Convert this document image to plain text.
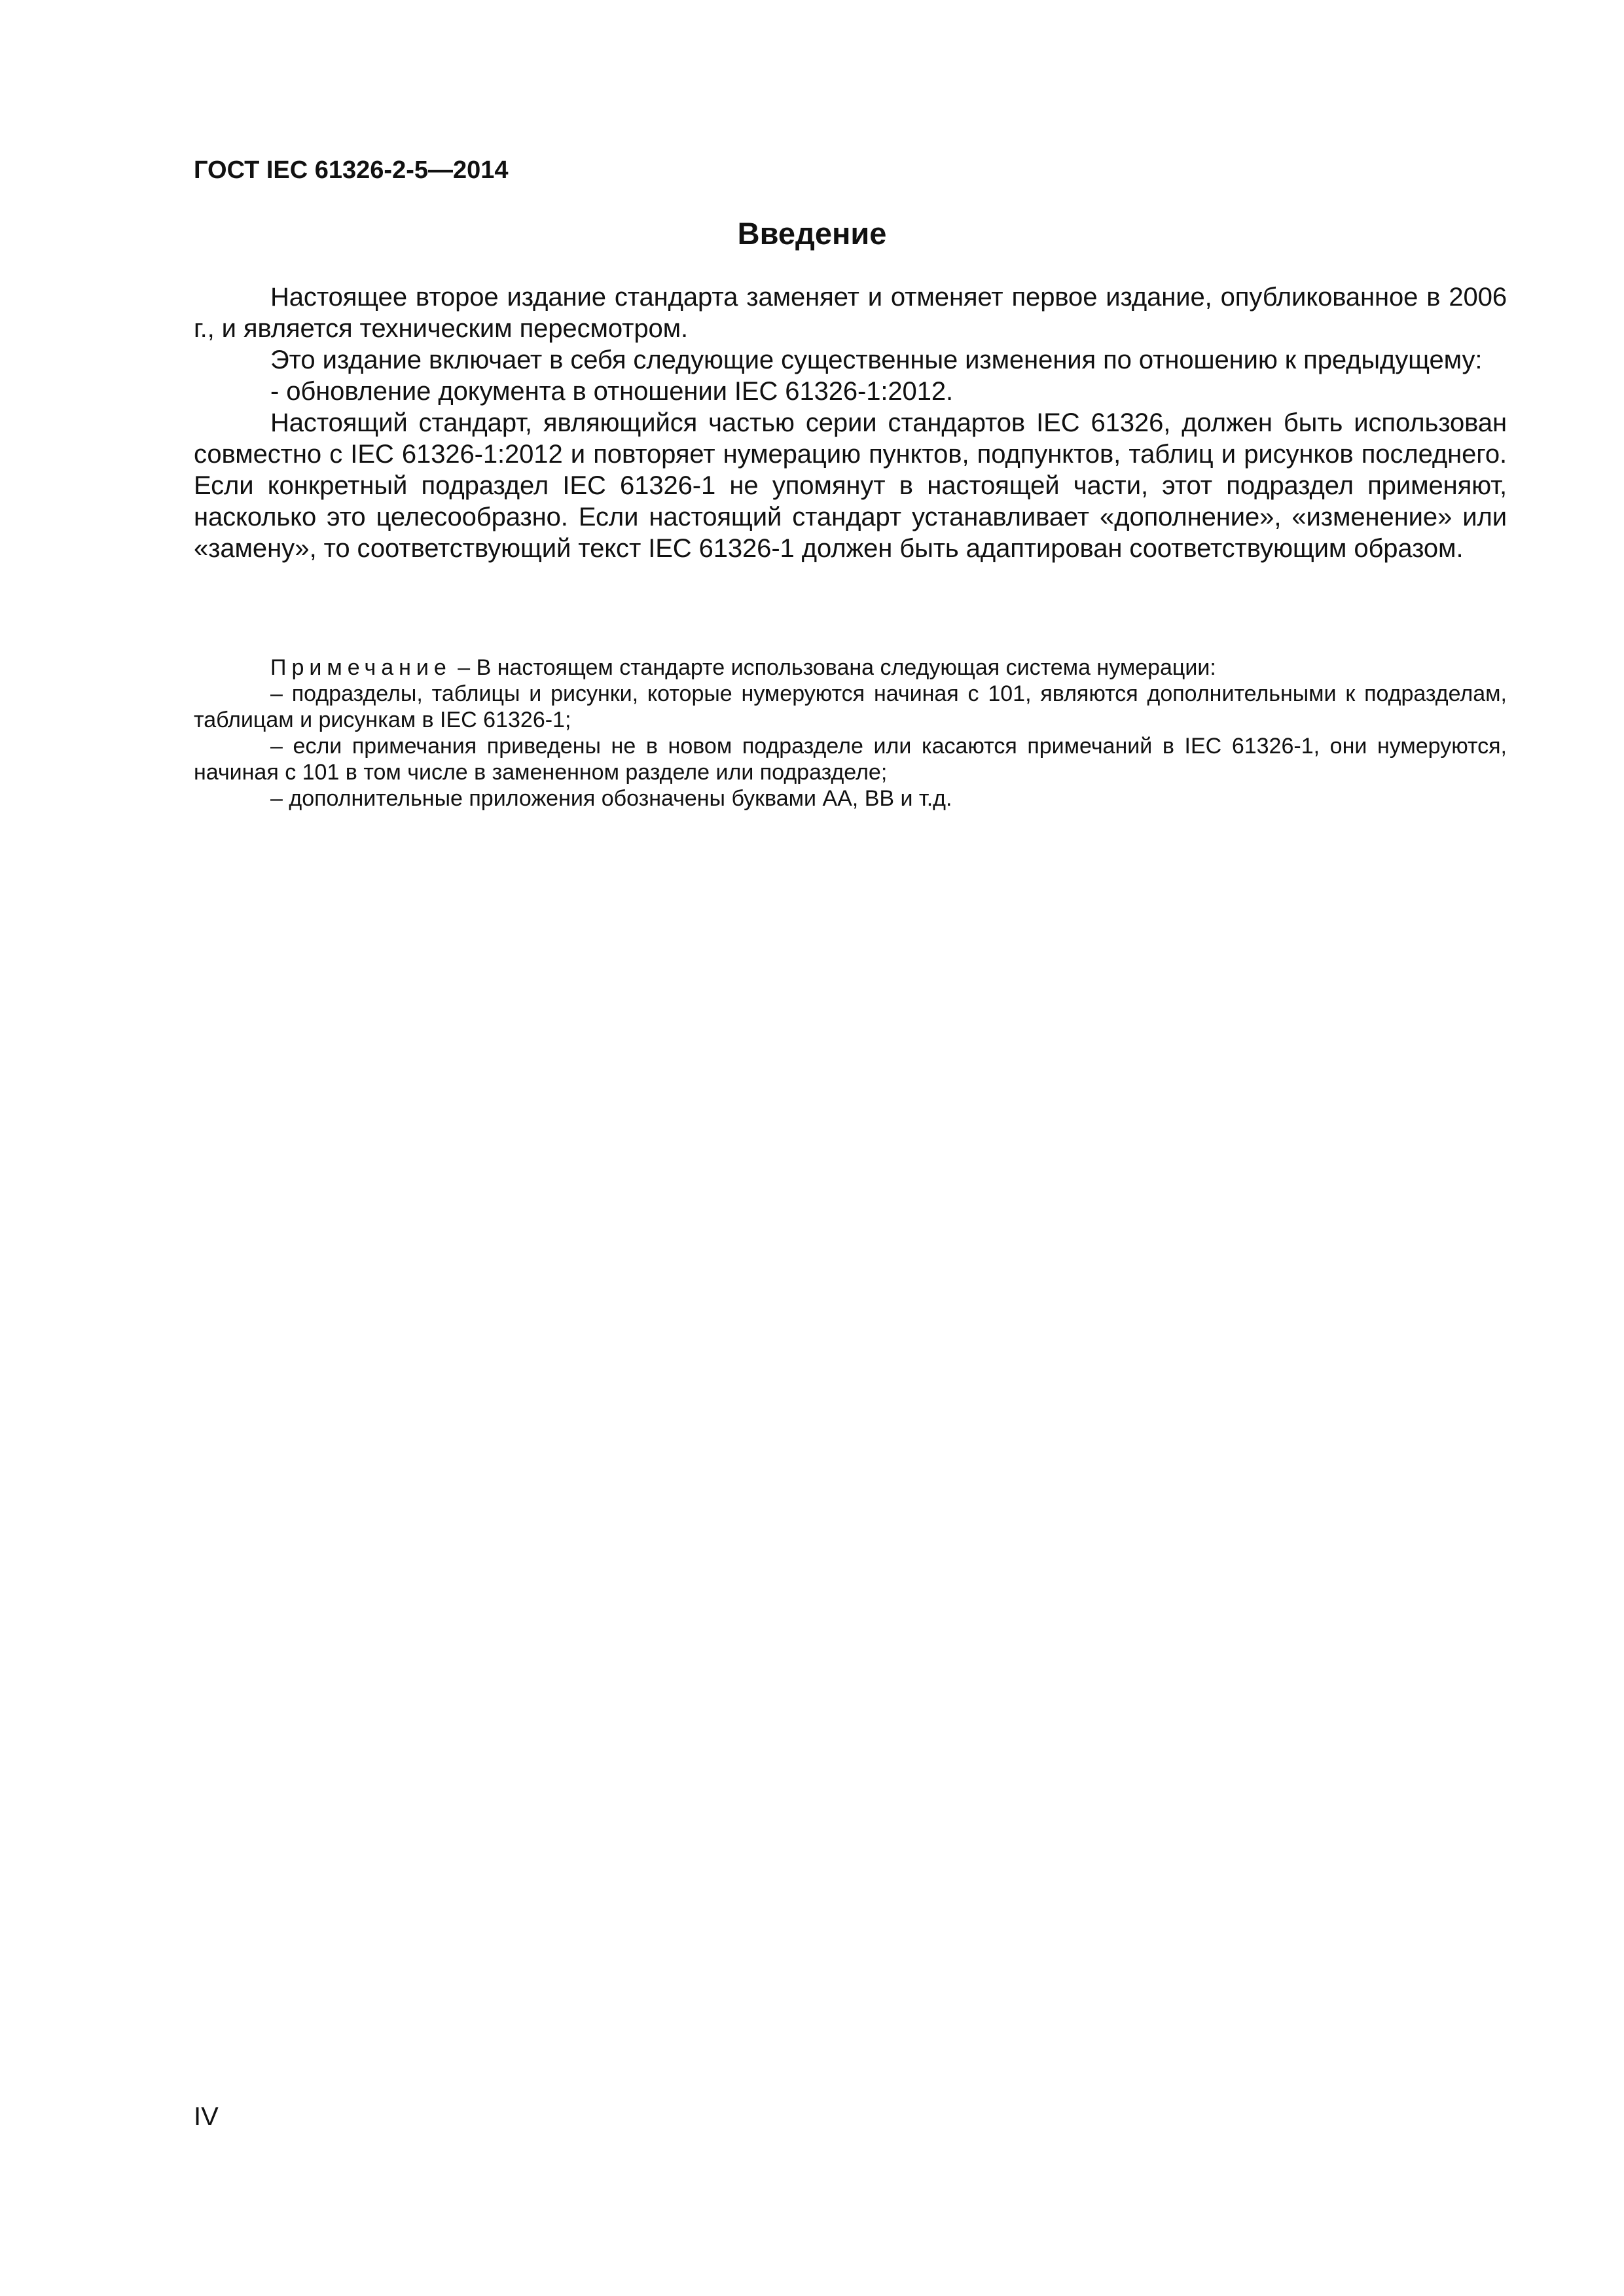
ГОСТ IEC 61326-2-5—2014
Введение

Настоящее второе издание стандарта заменяет и отменяет первое издание, опубликованное в 2006 г., и является техническим пересмотром.

Это издание включает в себя следующие существенные изменения по отношению к предыдущему:

- обновление документа в отношении IEC 61326-1:2012.

Настоящий стандарт, являющийся частью серии стандартов IEC 61326, должен быть использован совместно с IEC 61326-1:2012 и повторяет нумерацию пунктов, подпунктов, таблиц и рисунков последнего. Если конкретный подраздел IEC 61326-1 не упомянут в настоящей части, этот подраздел применяют, насколько это целесообразно. Если настоящий стандарт устанавливает «дополнение», «изменение» или «замену», то соответствующий текст IEC 61326-1 должен быть адаптирован соответствующим образом.

Примечание – В настоящем стандарте использована следующая система нумерации:

– подразделы, таблицы и рисунки, которые нумеруются начиная с 101, являются дополнительными к подразделам, таблицам и рисункам в IEC 61326-1;

– если примечания приведены не в новом подразделе или касаются примечаний в IEC 61326-1, они нумеруются, начиная с 101 в том числе в замененном разделе или подразделе;

– дополнительные приложения обозначены буквами АА, ВВ и т.д.

IV
